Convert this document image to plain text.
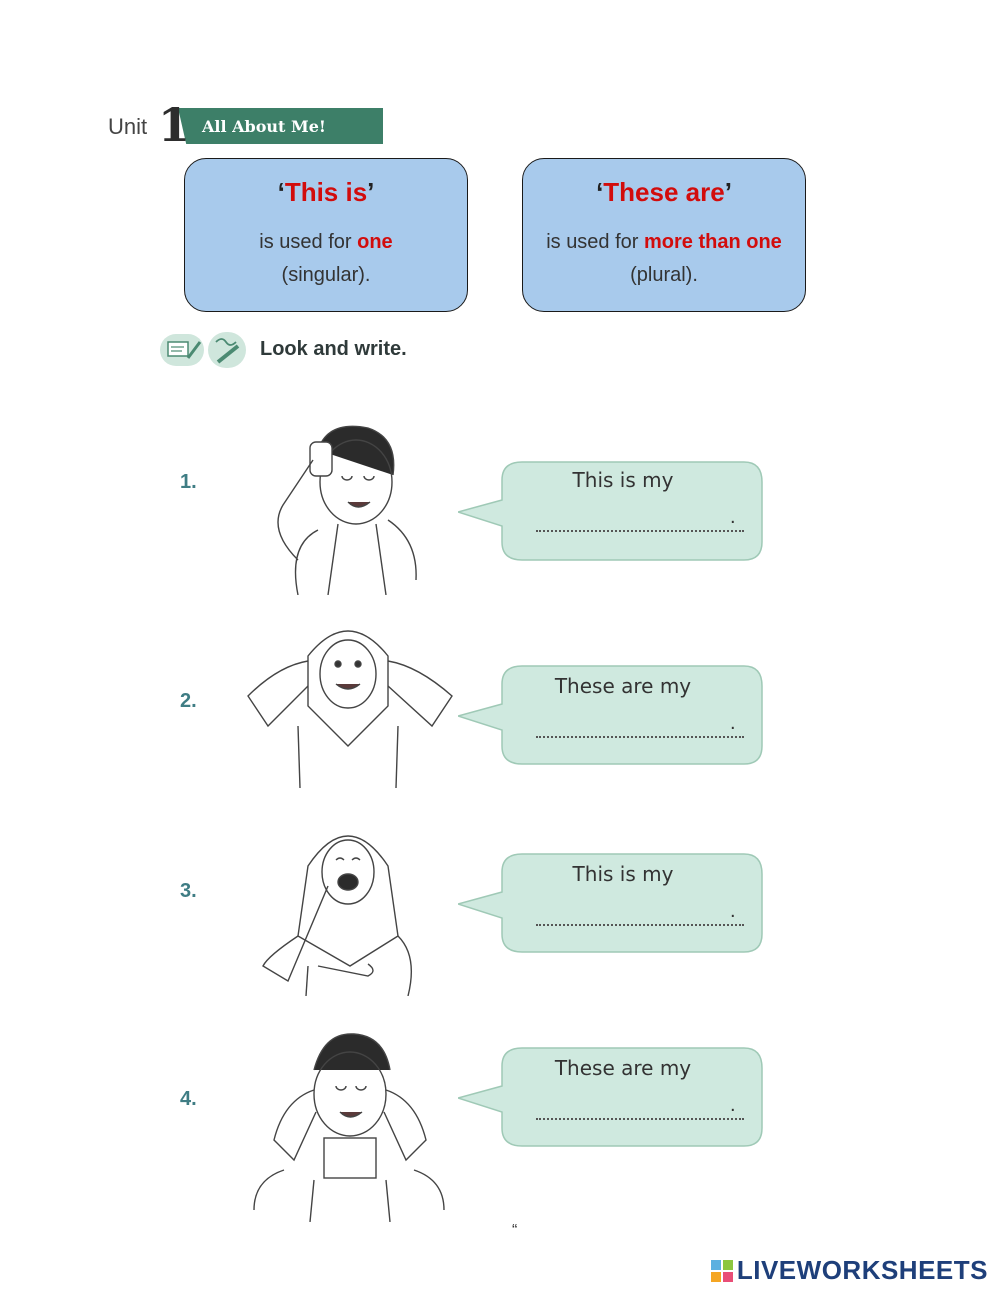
Unit 1 All About Me!
‘This is’
is used for one
(singular).
‘These are’
is used for more than one (plural).
Look and write.
1.	This is my
.
2.
These are my
.
3.
This is my
.
4.
These are my
.
“
LIVEWORKSHEETS
